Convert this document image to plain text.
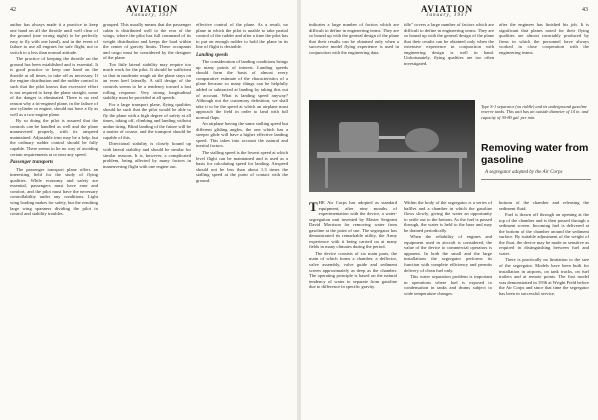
42	AVIATION
January, 1937

author has always made it a practice to keep one hand on all the throttle until well clear of the ground (one wrong night) to be perfectly easy to fly with one hand), and in the event of failure to use all engines for safe flight, not to switch to a less than normal attitude.

The practice of keeping the throttle on the ground has been established and is essential. It is good practice to keep one hand on the throttle at all times, to take off as necessary. If the engine distribution and the rudder control is such that the pilot knows that excessive effort is not required to keep the plane straight, some of the danger is eliminated. There is no real reason why a tri-engined plane, in the failure of one cylinder or engine, should not have a fly as well as a two-engine plane.

By so doing the pilot is assured that the controls can be handled as well and the plane maneuvered properly, with its airspeed maintained. Adjustable trim may be a help, but the ordinary rudder control should be fully capable. There seems to be no way of avoiding certain requirements at or near any speed.

Passenger transports

The passenger transport plane offers an interesting field for the study of flying qualities. While economy and safety are essential, passengers must have ease and comfort, and the pilot must have the necessary controllability under any conditions. Light wing loading makes for safety, but the resulting large wing spanners dividing the pilot to control and stability troubles.

grouped. This usually means that the passenger cabin is distributed well to the rear of the wings, where the pilot has full command of its weight distribution and keeps the load within the center of gravity limits. These occupants and cargo must be considered by the designer of the plane.

Too little lateral stability may require too much work for the pilot. It should be sufficient so that in moderate rough air the plane stays on an even keel laterally. A still design of the controls seems to be a tendency toward a fast rolling response. Very strong longitudinal stability must be provided at all speeds.

For a large transport plane, flying qualities should be such that the pilot would be able to fly the plane with a high degree of safety at all times, taking off, climbing and landing without undue tiring. Blind landing of the future will be a matter of course, and the transport should be capable of this.

Directional stability is closely bound up with lateral stability and should be similar for similar reasons. It is, however, a complicated problem, being affected by many factors in maneuvering flight with one engine out.

effective control of the plane. As a result, no plane in which the pilot is unable to take partial control of the rudder and after a time the pilot has to put on enough rudder to hold the plane in its line of flight is desirable.

Landing speeds

The consideration of landing conditions brings up many points of interest. Landing speeds should form the basis of almost every comparative estimate of the characteristics of a plane because so many things can be helpfully added or subtracted at landing by taking this out of account. What is landing speed anyway? Although not the customary definition, we shall take it to be the speed at which an airplane must approach the field in order to land with full normal flaps.

An airplane having the same stalling speed but different gliding angles, the one which has a steeper glide will have a higher effective landing speed. This takes into account the natural and inertial factors.

The stalling speed is the lowest speed at which level flight can be maintained and is used as a basis for calculating speed for landing. Airspeed should not be less than about 1.3 times the stalling speed at the point of contact with the ground.

43
AVIATION
January, 1937

indicates a large number of factors which are difficult to define in engineering terms. They are so bound up with the general design of the plane that their results can be obtained only when a successive model flying experience is used in conjunction with the engineering data.

idle" covers a large number of factors which are difficult to define in engineering terms. They are so bound up with the general design of the plane that their results can be obtained only when the extensive experience in conjunction with engineering design is well in hand. Unfortunately, flying qualities are too often investigated.

after the engineer has finished his job. It is significant that planes noted for their flying qualities are almost invariably produced by firms in which the personnel have always worked in close cooperation with the engineering teams.

Type S-1 separator (on riddle) and its underground gasoline reserve tanks. This unit has an outside diameter of 14 in. and capacity of 30-80 gal. per min.
Removing water from gasoline
A segregator adopted by the Air Corps

THE Air Corps has adopted as standard equipment, after nine months of experimentation with the device, a water-segregation unit invented by Master Sergeant David Morrison for removing water from gasoline at the point of use. The segregator has demonstrated its remarkable utility, the Army experience with it being carried on at many fields in many climates during the period.

The device consists of six main parts, the main of which forms a chamber, a deflector, valve assembly, valve guide and sediment screen approximately as deep as the chamber. The operating principle is based on the natural tendency of water to separate from gasoline due to difference in specific gravity.

Within the body of the segregator is a series of baffles and a chamber in which the gasoline flows slowly, giving the water an opportunity to settle out to the bottom. As the fuel is passed through, the water is held to the base and may be drained periodically.

When the reliability of engines and equipment used in aircraft is considered, the value of the device to commercial operators is apparent. In both the small and the large installations the segregator performs its function with complete efficiency and permits delivery of clean fuel only.

This water separation problem is important in operations where fuel is exposed to condensation in tanks and drums subject to wide temperature changes.

bottom of the chamber and releasing the sediment fluid.

Fuel is drawn off through an opening at the top of the chamber and is then passed through a sediment screen. Incoming fuel is delivered at the bottom of the chamber around the sediment surface. By suitable adjustment of the weight of the float, the device may be made as sensitive as required in distinguishing between fuel and water.

There is practically no limitation to the size of the segregator. Models have been built for installation in airports, on tank trucks, on fuel trailers and at remote points. The first model was demonstrated in 1936 at Wright Field before the Air Corps and since that time the segregator has been in successful service.
